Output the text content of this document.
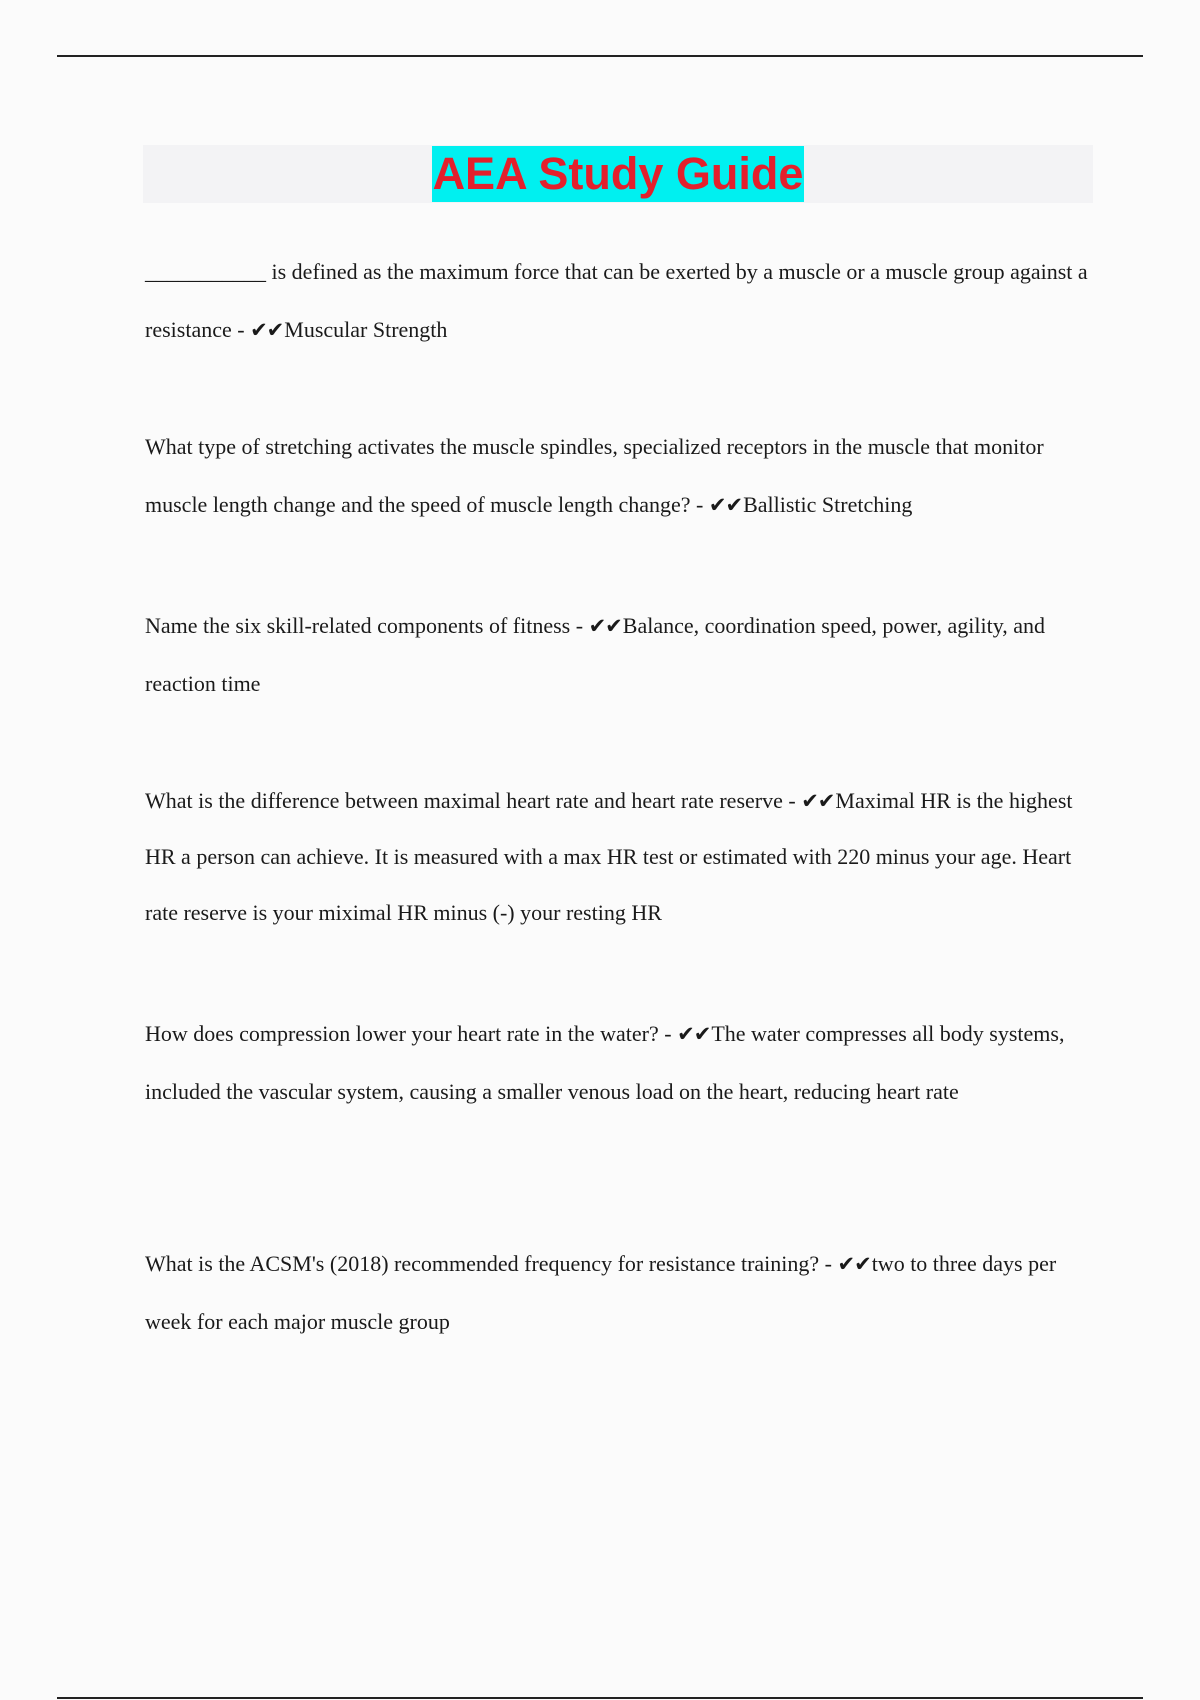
AEA Study Guide

___________ is defined as the maximum force that can be exerted by a muscle or a muscle group against a resistance - ✔✔Muscular Strength

What type of stretching activates the muscle spindles, specialized receptors in the muscle that monitor muscle length change and the speed of muscle length change? - ✔✔Ballistic Stretching

Name the six skill-related components of fitness - ✔✔Balance, coordination speed, power, agility, and reaction time

What is the difference between maximal heart rate and heart rate reserve - ✔✔Maximal HR is the highest HR a person can achieve. It is measured with a max HR test or estimated with 220 minus your age. Heart rate reserve is your miximal HR minus (-) your resting HR

How does compression lower your heart rate in the water? - ✔✔The water compresses all body systems, included the vascular system, causing a smaller venous load on the heart, reducing heart rate

What is the ACSM's (2018) recommended frequency for resistance training? - ✔✔two to three days per week for each major muscle group
